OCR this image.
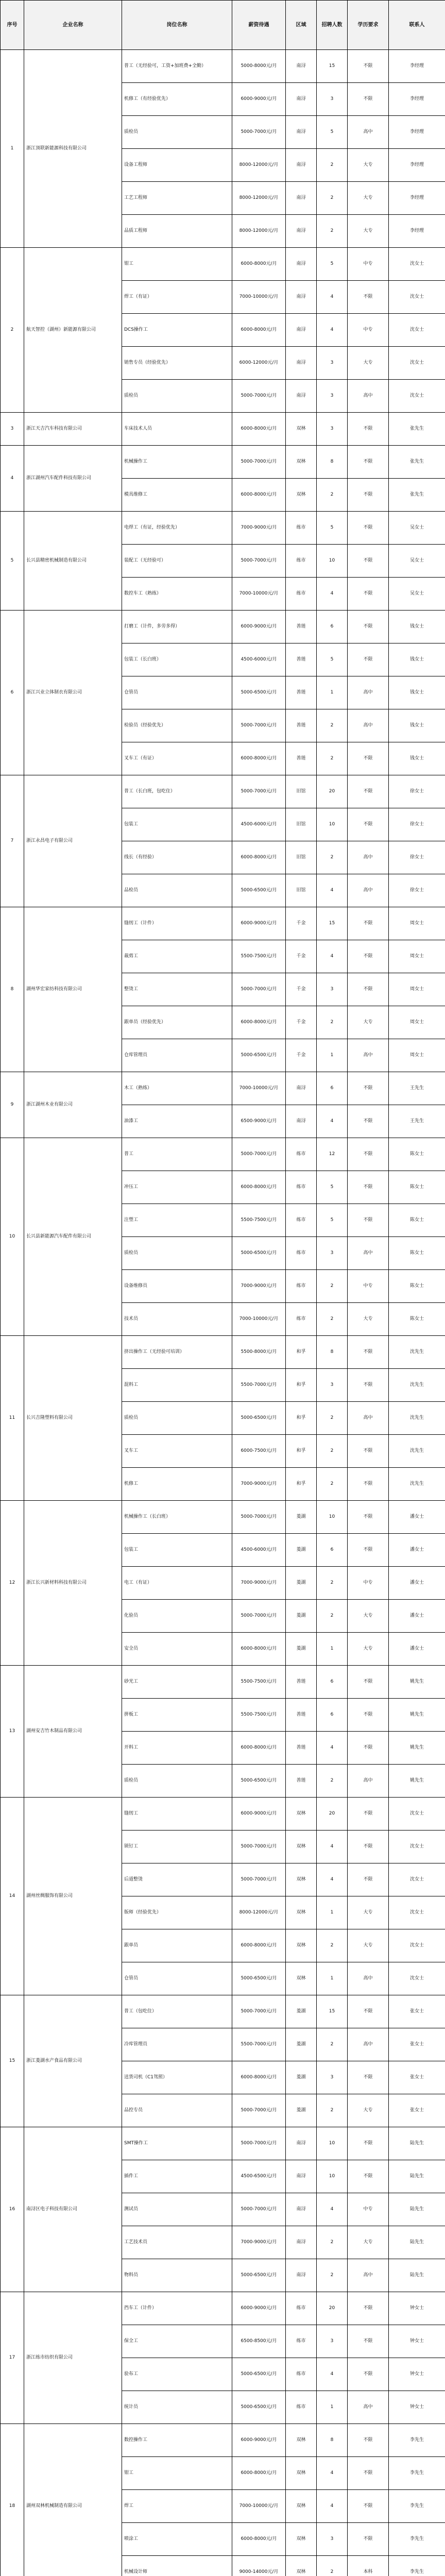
序号	企业名称	岗位名称	薪资待遇	区域	招聘人数	学历要求	联系人
1	浙江顶联新能源科技有限公司	普工（无经验可，工资+加班费+全勤）	5000-8000元/月	南浔	15	不限	李经理
		机修工（有经验优先）	6000-9000元/月	南浔	3	不限	李经理
		质检员	5000-7000元/月	南浔	5	高中	李经理
		设备工程师	8000-12000元/月	南浔	2	大专	李经理
		工艺工程师	8000-12000元/月	南浔	2	大专	李经理
		品质工程师	8000-12000元/月	南浔	2	大专	李经理
2	航天智控（湖州）新能源有限公司	钳工	6000-8000元/月	南浔	5	中专	沈女士
		焊工（有证）	7000-10000元/月	南浔	4	不限	沈女士
		DCS操作工	6000-8000元/月	南浔	4	中专	沈女士
		销售专员（经验优先）	6000-12000元/月	南浔	3	大专	沈女士
		质检员	5000-7000元/月	南浔	3	高中	沈女士
3	浙江天吉汽车科技有限公司	车床技术人员	6000-8000元/月	双林	3	不限	张先生
4	浙江湖州汽车配件科技有限公司	机械操作工	5000-7000元/月	双林	8	不限	张先生
		模具维修工	6000-8000元/月	双林	2	不限	张先生
5	长兴县精密机械制造有限公司	电焊工（有证，经验优先）	7000-9000元/月	练市	5	不限	吴女士
		装配工（无经验可）	5000-7000元/月	练市	10	不限	吴女士
		数控车工（熟练）	7000-10000元/月	练市	4	不限	吴女士
6	浙江兴业立体制衣有限公司	打磨工（计件，多劳多得）	6000-9000元/月	善琏	6	不限	钱女士
		包装工（长白班）	4500-6000元/月	善琏	5	不限	钱女士
		仓管员	5000-6500元/月	善琏	1	高中	钱女士
		检验员（经验优先）	5000-7000元/月	善琏	2	高中	钱女士
		叉车工（有证）	6000-8000元/月	善琏	2	不限	钱女士
7	浙江永昌电子有限公司	普工（长白班，包吃住）	5000-7000元/月	旧馆	20	不限	徐女士
		包装工	4500-6000元/月	旧馆	10	不限	徐女士
		线长（有经验）	6000-8000元/月	旧馆	2	高中	徐女士
		品检员	5000-6500元/月	旧馆	4	高中	徐女士
8	湖州华宏家纺科技有限公司	缝纫工（计件）	6000-9000元/月	千金	15	不限	周女士
		裁剪工	5500-7500元/月	千金	4	不限	周女士
		整烫工	5000-7000元/月	千金	3	不限	周女士
		跟单员（经验优先）	6000-8000元/月	千金	2	大专	周女士
		仓库管理员	5000-6500元/月	千金	1	高中	周女士
9	浙江湖州木业有限公司	木工（熟练）	7000-10000元/月	南浔	6	不限	王先生
		油漆工	6500-9000元/月	南浔	4	不限	王先生
10	长兴县新能源汽车配件有限公司	普工	5000-7000元/月	练市	12	不限	陈女士
		冲压工	6000-8000元/月	练市	5	不限	陈女士
		注塑工	5500-7500元/月	练市	5	不限	陈女士
		质检员	5000-6500元/月	练市	3	高中	陈女士
		设备维修员	7000-9000元/月	练市	2	中专	陈女士
		技术员	7000-10000元/月	练市	2	大专	陈女士
11	长兴吉隆塑料有限公司	挤出操作工（无经验可培训）	5500-8000元/月	和孚	8	不限	沈先生
		混料工	5500-7000元/月	和孚	3	不限	沈先生
		质检员	5000-6500元/月	和孚	2	高中	沈先生
		叉车工	6000-7500元/月	和孚	2	不限	沈先生
		机修工	7000-9000元/月	和孚	2	不限	沈先生
12	浙江长兴新材料科技有限公司	机械操作工（长白班）	5000-7000元/月	菱湖	10	不限	潘女士
		包装工	4500-6000元/月	菱湖	6	不限	潘女士
		电工（有证）	7000-9000元/月	菱湖	2	中专	潘女士
		化验员	5000-7000元/月	菱湖	2	大专	潘女士
		安全员	6000-8000元/月	菱湖	1	大专	潘女士
13	湖州安吉竹木制品有限公司	砂光工	5500-7500元/月	善琏	6	不限	姚先生
		拼板工	5500-7500元/月	善琏	6	不限	姚先生
		开料工	6000-8000元/月	善琏	4	不限	姚先生
		质检员	5000-6500元/月	善琏	2	高中	姚先生
14	湖州丝绸服饰有限公司	缝纫工	6000-9000元/月	双林	20	不限	沈女士
		锁钉工	5000-7000元/月	双林	4	不限	沈女士
		后道整烫	5000-7000元/月	双林	4	不限	沈女士
		版师（经验优先）	8000-12000元/月	双林	1	大专	沈女士
		跟单员	6000-8000元/月	双林	2	大专	沈女士
		仓管员	5000-6500元/月	双林	1	高中	沈女士
15	浙江菱湖水产食品有限公司	普工（包吃住）	5000-7000元/月	菱湖	15	不限	张女士
		冷库管理员	5500-7000元/月	菱湖	2	高中	张女士
		送货司机（C1驾照）	6000-8000元/月	菱湖	3	不限	张女士
		品控专员	5000-7000元/月	菱湖	2	大专	张女士
16	南浔区电子科技有限公司	SMT操作工	5000-7000元/月	南浔	10	不限	陆先生
		插件工	4500-6500元/月	南浔	10	不限	陆先生
		测试员	5000-7000元/月	南浔	4	中专	陆先生
		工艺技术员	7000-9000元/月	南浔	2	大专	陆先生
		物料员	5000-6500元/月	南浔	2	高中	陆先生
17	浙江练市纺织有限公司	挡车工（计件）	6000-9000元/月	练市	20	不限	钟女士
		保全工	6500-8500元/月	练市	3	不限	钟女士
		验布工	5000-6500元/月	练市	4	不限	钟女士
		统计员	5000-6500元/月	练市	1	高中	钟女士
18	湖州双林机械制造有限公司	数控操作工	6000-9000元/月	双林	8	不限	李先生
		钳工	6000-8000元/月	双林	4	不限	李先生
		焊工	7000-10000元/月	双林	4	不限	李先生
		喷涂工	6000-8000元/月	双林	3	不限	李先生
		机械设计师	9000-14000元/月	双林	2	本科	李先生
